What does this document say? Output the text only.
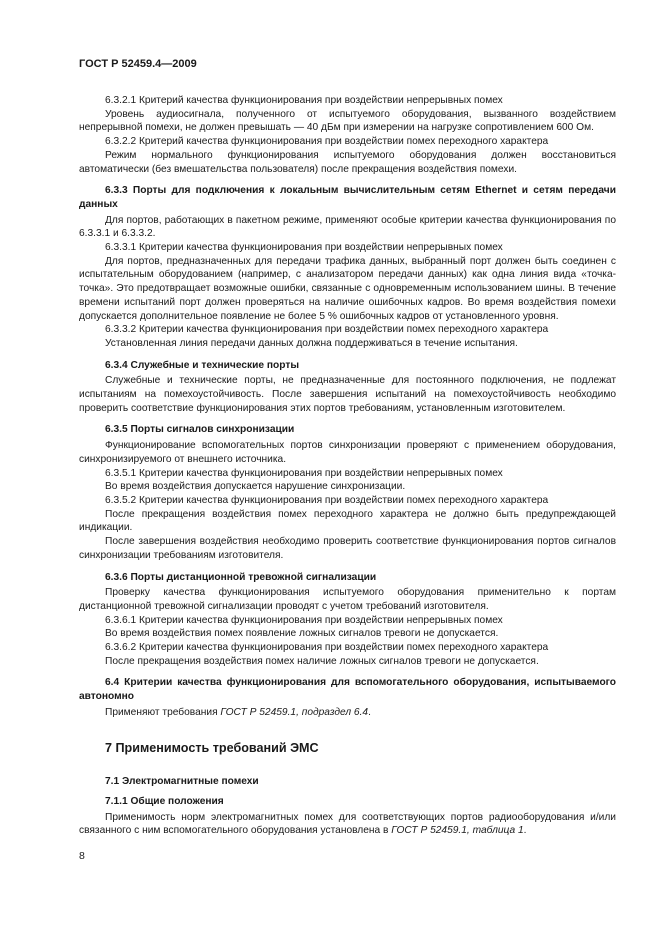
ГОСТ Р 52459.4—2009

6.3.2.1 Критерий качества функционирования при воздействии непрерывных помех

Уровень аудиосигнала, полученного от испытуемого оборудования, вызванного воздействием непрерывной помехи, не должен превышать — 40 дБм при измерении на нагрузке сопротивлением 600 Ом.

6.3.2.2 Критерий качества функционирования при воздействии помех переходного характера

Режим нормального функционирования испытуемого оборудования должен восстановиться автоматически (без вмешательства пользователя) после прекращения воздействия помехи.

6.3.3 Порты для подключения к локальным вычислительным сетям Ethernet и сетям передачи данных

Для портов, работающих в пакетном режиме, применяют особые критерии качества функционирования по 6.3.3.1 и 6.3.3.2.

6.3.3.1 Критерии качества функционирования при воздействии непрерывных помех

Для портов, предназначенных для передачи трафика данных, выбранный порт должен быть соединен с испытательным оборудованием (например, с анализатором передачи данных) как одна линия вида «точка-точка». Это предотвращает возможные ошибки, связанные с одновременным использованием шины. В течение времени испытаний порт должен проверяться на наличие ошибочных кадров. Во время воздействия помехи допускается дополнительное появление не более 5 % ошибочных кадров от установленного уровня.

6.3.3.2 Критерии качества функционирования при воздействии помех переходного характера

Установленная линия передачи данных должна поддерживаться в течение испытания.

6.3.4 Служебные и технические порты

Служебные и технические порты, не предназначенные для постоянного подключения, не подлежат испытаниям на помехоустойчивость. После завершения испытаний на помехоустойчивость необходимо проверить соответствие функционирования этих портов требованиям, установленным изготовителем.

6.3.5 Порты сигналов синхронизации

Функционирование вспомогательных портов синхронизации проверяют с применением оборудования, синхронизируемого от внешнего источника.

6.3.5.1 Критерии качества функционирования при воздействии непрерывных помех

Во время воздействия допускается нарушение синхронизации.

6.3.5.2 Критерии качества функционирования при воздействии помех переходного характера

После прекращения воздействия помех переходного характера не должно быть предупреждающей индикации.

После завершения воздействия необходимо проверить соответствие функционирования портов сигналов синхронизации требованиям изготовителя.

6.3.6 Порты дистанционной тревожной сигнализации

Проверку качества функционирования испытуемого оборудования применительно к портам дистанционной тревожной сигнализации проводят с учетом требований изготовителя.

6.3.6.1 Критерии качества функционирования при воздействии непрерывных помех

Во время воздействия помех появление ложных сигналов тревоги не допускается.

6.3.6.2 Критерии качества функционирования при воздействии помех переходного характера

После прекращения воздействия помех наличие ложных сигналов тревоги не допускается.

6.4 Критерии качества функционирования для вспомогательного оборудования, испытываемого автономно

Применяют требования ГОСТ Р 52459.1, подраздел 6.4.

7 Применимость требований ЭМС

7.1 Электромагнитные помехи

7.1.1 Общие положения

Применимость норм электромагнитных помех для соответствующих портов радиооборудования и/или связанного с ним вспомогательного оборудования установлена в ГОСТ Р 52459.1, таблица 1.

8
